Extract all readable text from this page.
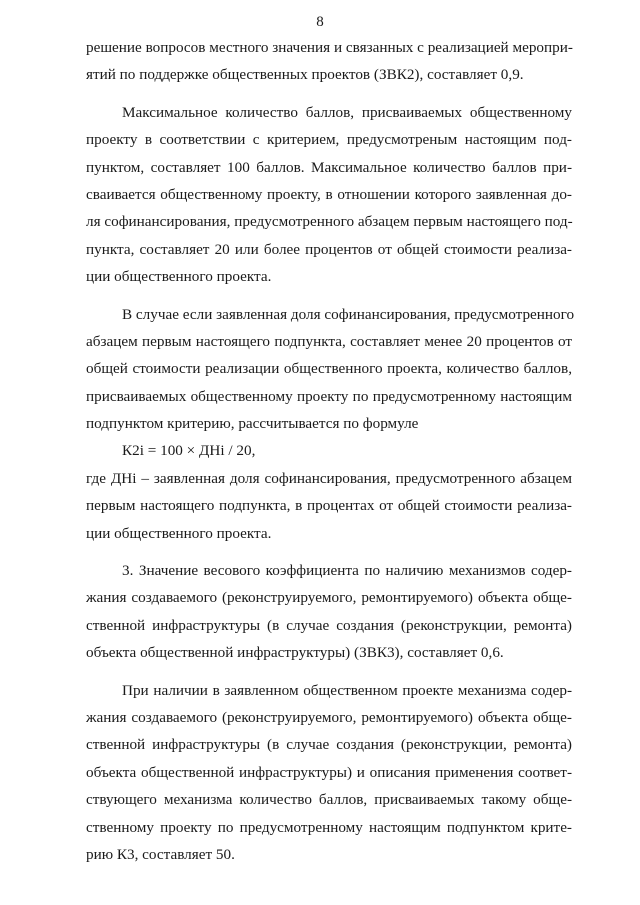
8
решение вопросов местного значения и связанных с реализацией меропри-
ятий по поддержке общественных проектов (ЗВК2), составляет 0,9.
Максимальное количество баллов, присваиваемых общественному
проекту в соответствии с критерием, предусмотреным настоящим под-
пунктом, составляет 100 баллов. Максимальное количество баллов при-
сваивается общественному проекту, в отношении которого заявленная до-
ля софинансирования, предусмотренного абзацем первым настоящего под-
пункта, составляет 20 или более процентов от общей стоимости реализа-
ции общественного проекта.
В случае если заявленная доля софинансирования, предусмотренного
абзацем первым настоящего подпункта, составляет менее 20 процентов от
общей стоимости реализации общественного проекта, количество баллов,
присваиваемых общественному проекту по предусмотренному настоящим
подпунктом критерию, рассчитывается по формуле
К2i = 100 × ДНi / 20,
где ДНi – заявленная доля софинансирования, предусмотренного абзацем
первым настоящего подпункта, в процентах от общей стоимости реализа-
ции общественного проекта.
3. Значение весового коэффициента по наличию механизмов содер-
жания создаваемого (реконструируемого, ремонтируемого) объекта обще-
ственной инфраструктуры (в случае создания (реконструкции, ремонта)
объекта общественной инфраструктуры) (ЗВК3), составляет 0,6.
При наличии в заявленном общественном проекте механизма содер-
жания создаваемого (реконструируемого, ремонтируемого) объекта обще-
ственной инфраструктуры (в случае создания (реконструкции, ремонта)
объекта общественной инфраструктуры) и описания применения соответ-
ствующего механизма количество баллов, присваиваемых такому обще-
ственному проекту по предусмотренному настоящим подпунктом крите-
рию К3, составляет 50.
